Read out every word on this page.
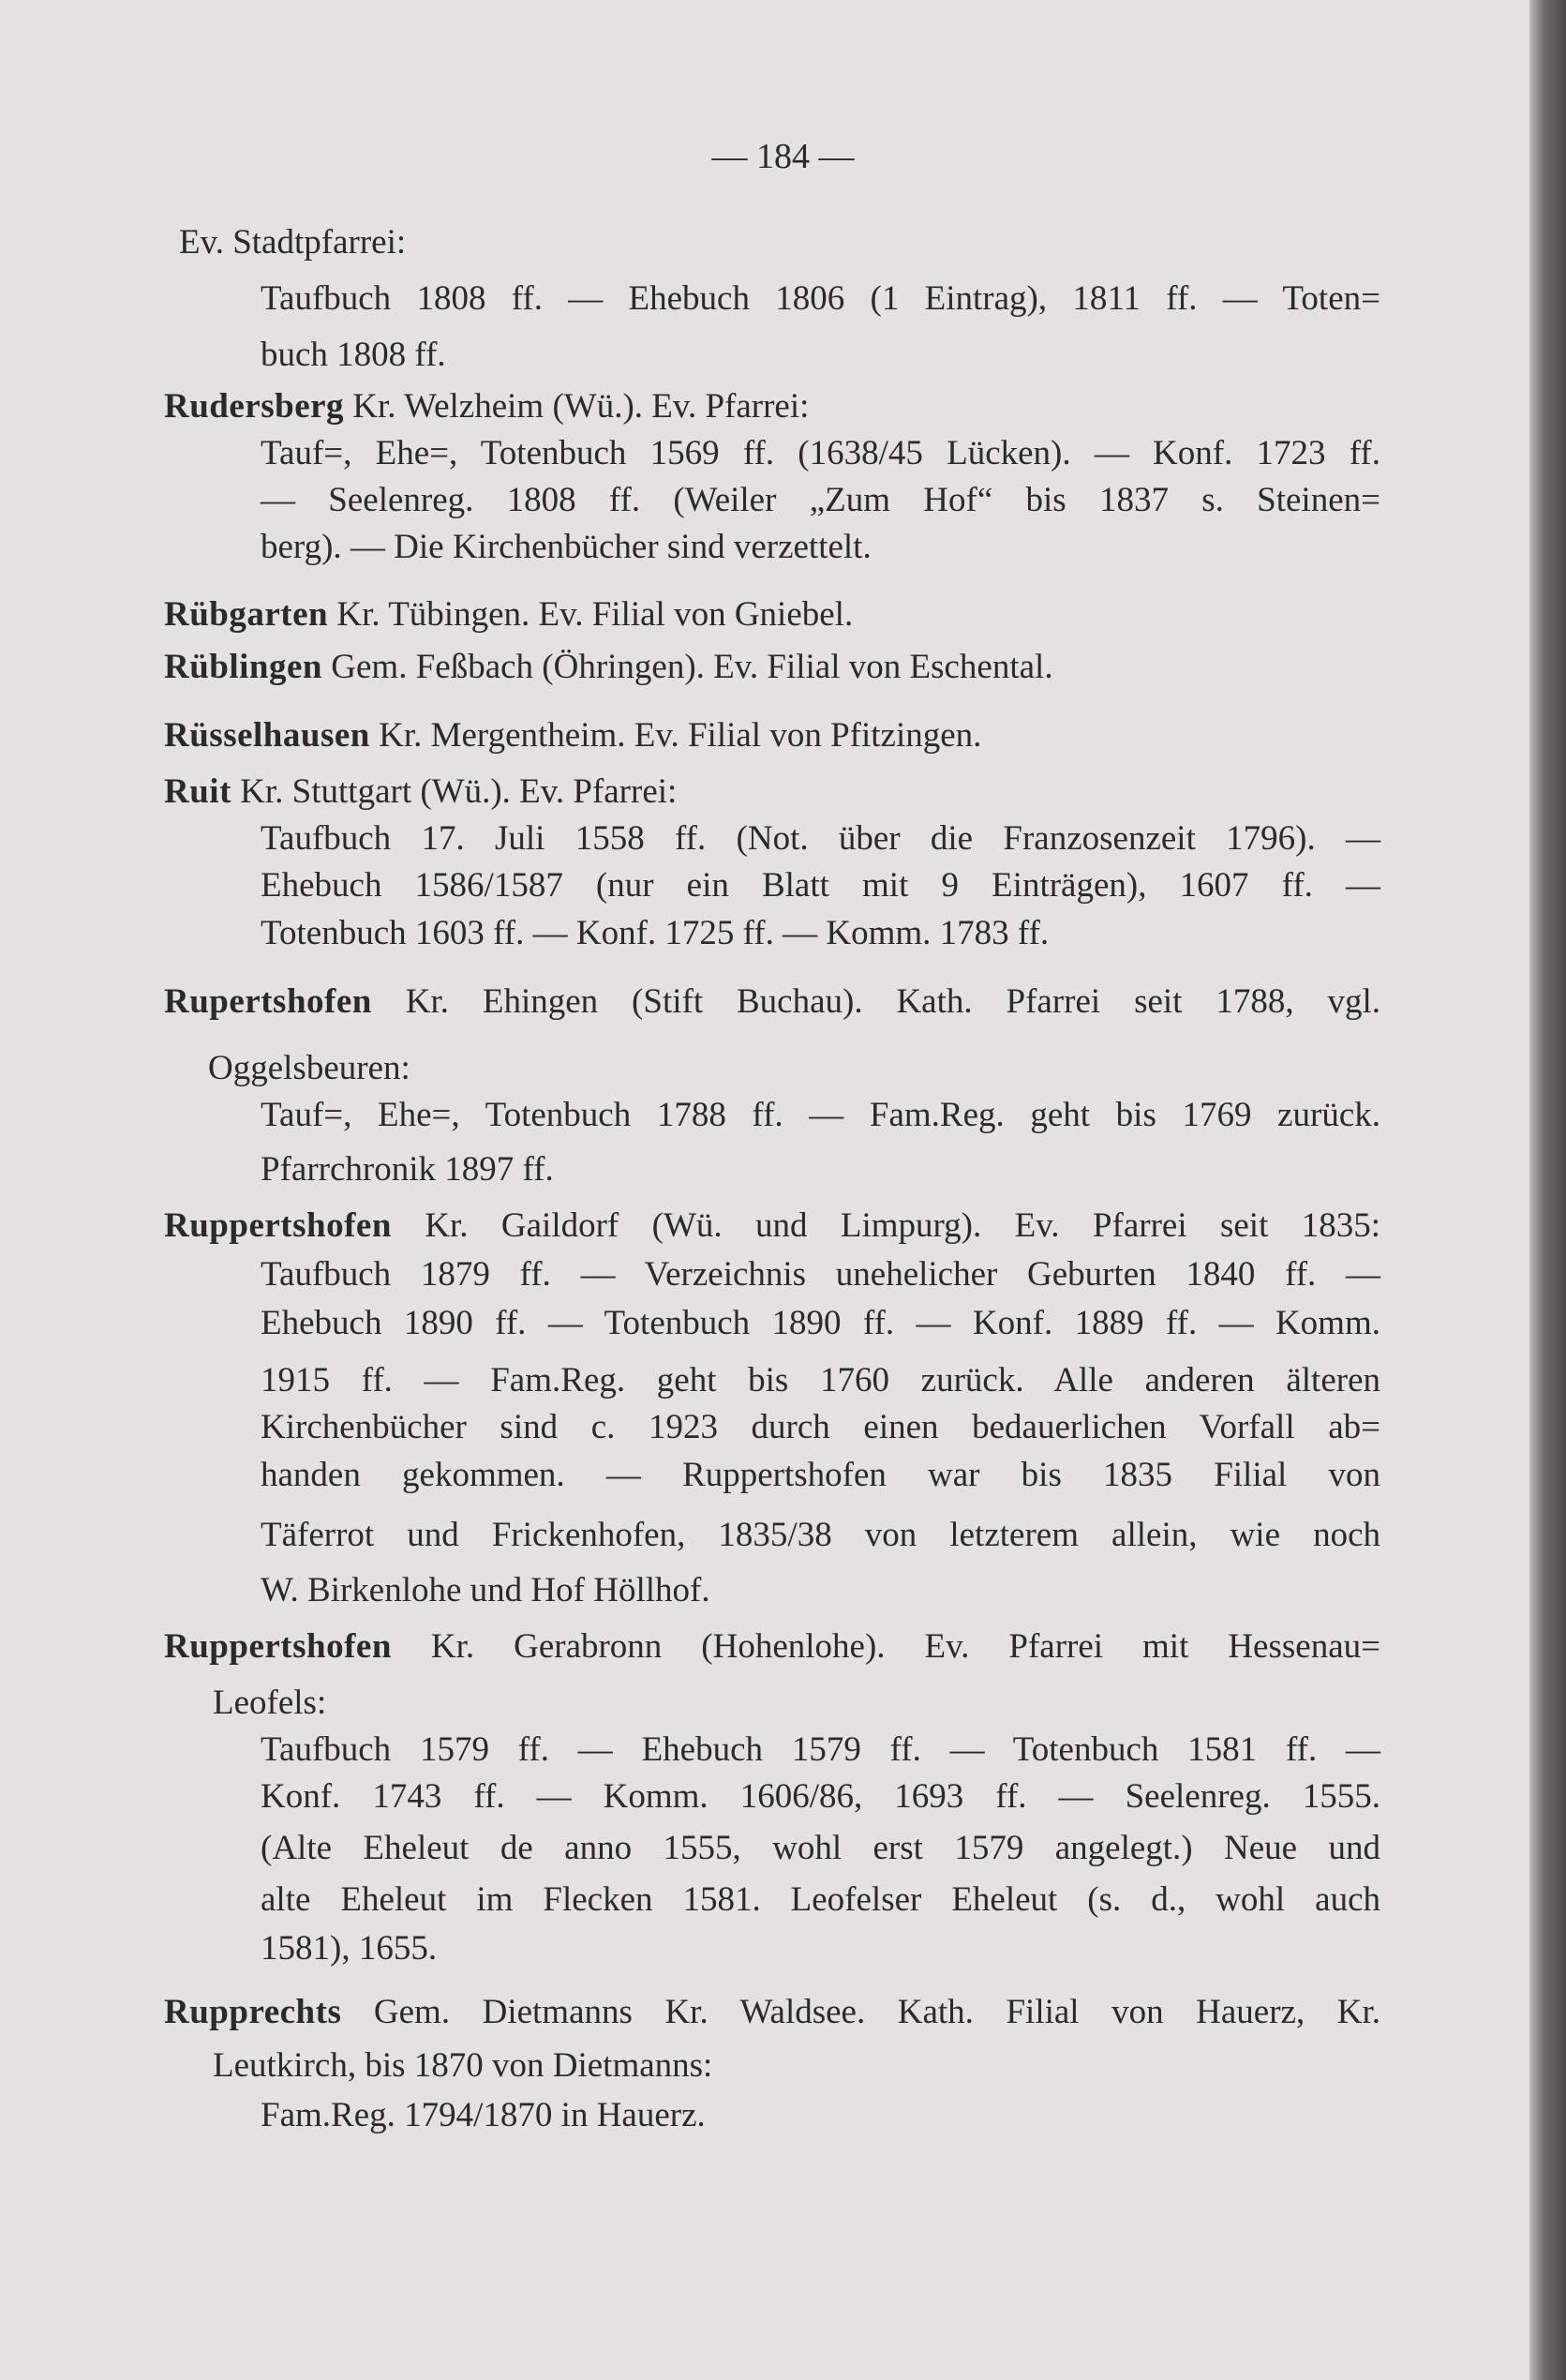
— 184 —
Ev. Stadtpfarrei:
Taufbuch 1808 ff. — Ehebuch 1806 (1 Eintrag), 1811 ff. — Toten=
buch 1808 ff.
Rudersberg Kr. Welzheim (Wü.). Ev. Pfarrei:
Tauf=, Ehe=, Totenbuch 1569 ff. (1638/45 Lücken). — Konf. 1723 ff.
— Seelenreg. 1808 ff. (Weiler „Zum Hof“ bis 1837 s. Steinen=
berg). — Die Kirchenbücher sind verzettelt.
Rübgarten Kr. Tübingen. Ev. Filial von Gniebel.
Rüblingen Gem. Feßbach (Öhringen). Ev. Filial von Eschental.
Rüsselhausen Kr. Mergentheim. Ev. Filial von Pfitzingen.
Ruit Kr. Stuttgart (Wü.). Ev. Pfarrei:
Taufbuch 17. Juli 1558 ff. (Not. über die Franzosenzeit 1796). —
Ehebuch 1586/1587 (nur ein Blatt mit 9 Einträgen), 1607 ff. —
Totenbuch 1603 ff. — Konf. 1725 ff. — Komm. 1783 ff.
Rupertshofen Kr. Ehingen (Stift Buchau). Kath. Pfarrei seit 1788, vgl.
Oggelsbeuren:
Tauf=, Ehe=, Totenbuch 1788 ff. — Fam.Reg. geht bis 1769 zurück.
Pfarrchronik 1897 ff.
Ruppertshofen Kr. Gaildorf (Wü. und Limpurg). Ev. Pfarrei seit 1835:
Taufbuch 1879 ff. — Verzeichnis unehelicher Geburten 1840 ff. —
Ehebuch 1890 ff. — Totenbuch 1890 ff. — Konf. 1889 ff. — Komm.
1915 ff. — Fam.Reg. geht bis 1760 zurück. Alle anderen älteren
Kirchenbücher sind c. 1923 durch einen bedauerlichen Vorfall ab=
handen gekommen. — Ruppertshofen war bis 1835 Filial von
Täferrot und Frickenhofen, 1835/38 von letzterem allein, wie noch
W. Birkenlohe und Hof Höllhof.
Ruppertshofen Kr. Gerabronn (Hohenlohe). Ev. Pfarrei mit Hessenau=
Leofels:
Taufbuch 1579 ff. — Ehebuch 1579 ff. — Totenbuch 1581 ff. —
Konf. 1743 ff. — Komm. 1606/86, 1693 ff. — Seelenreg. 1555.
(Alte Eheleut de anno 1555, wohl erst 1579 angelegt.) Neue und
alte Eheleut im Flecken 1581. Leofelser Eheleut (s. d., wohl auch
1581), 1655.
Rupprechts Gem. Dietmanns Kr. Waldsee. Kath. Filial von Hauerz, Kr.
Leutkirch, bis 1870 von Dietmanns:
Fam.Reg. 1794/1870 in Hauerz.
